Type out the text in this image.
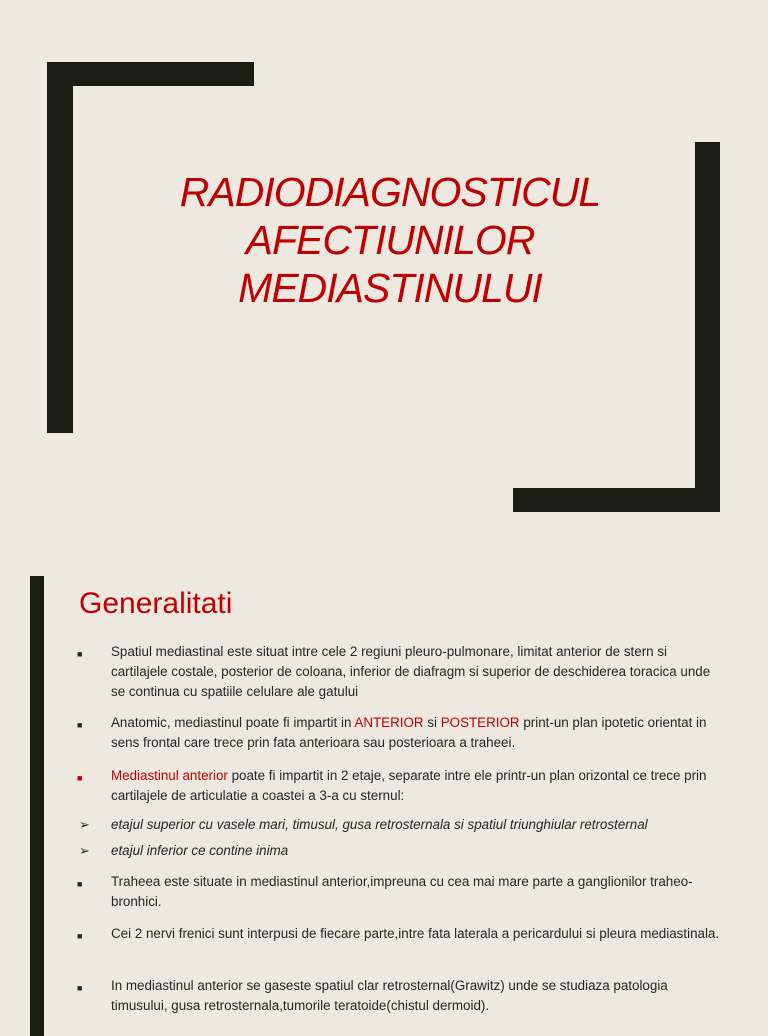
RADIODIAGNOSTICUL
AFECTIUNILOR
MEDIASTINULUI
Generalitati
■	Spatiul mediastinal este situat intre cele 2 regiuni pleuro-pulmonare, limitat anterior de stern si cartilajele costale, posterior de coloana, inferior de diafragm si superior de deschiderea toracica unde se continua cu spatiile celulare ale gatului
■	Anatomic, mediastinul poate fi impartit in ANTERIOR si POSTERIOR print-un plan ipotetic orientat in sens frontal care trece prin fata anterioara sau posterioara a traheei.
■	Mediastinul anterior poate fi impartit in 2 etaje, separate intre ele printr-un plan orizontal ce trece prin cartilajele de articulatie a coastei a 3-a cu sternul:
➢ etajul superior cu vasele mari, timusul, gusa retrosternala si spatiul triunghiular retrosternal
➢ etajul inferior ce contine inima
■	Traheea este situate in mediastinul anterior,impreuna cu cea mai mare parte a ganglionilor traheo-bronhici.
■	Cei 2 nervi frenici sunt interpusi de fiecare parte,intre fata laterala a pericardului si pleura mediastinala.
■	In mediastinul anterior se gaseste spatiul clar retrosternal(Grawitz) unde se studiaza patologia timusului, gusa retrosternala,tumorile teratoide(chistul dermoid).
